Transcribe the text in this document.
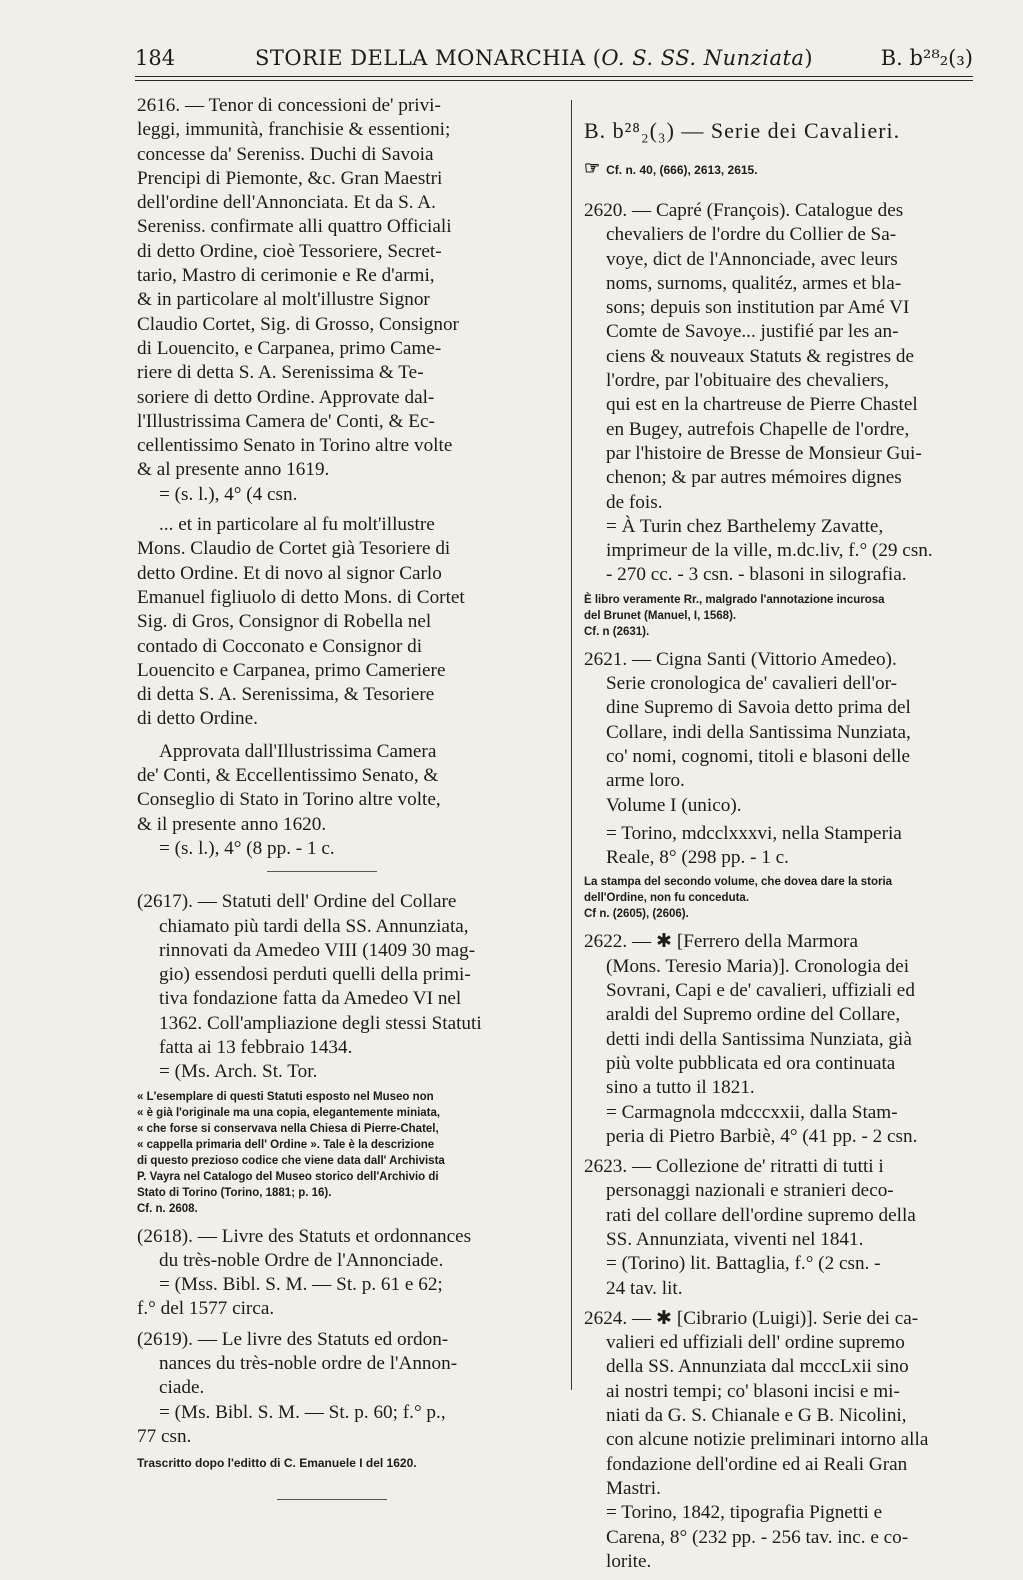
184	STORIE DELLA MONARCHIA (O. S. SS. Nunziata)	B. b²⁸₂(₃)
2616. — Tenor di concessioni de' privi-
leggi, immunità, franchisie & essentioni;
concesse da' Sereniss. Duchi di Savoia
Prencipi di Piemonte, &c. Gran Maestri
dell'ordine dell'Annonciata. Et da S. A.
Sereniss. confirmate alli quattro Officiali
di detto Ordine, cioè Tessoriere, Secret-
tario, Mastro di cerimonie e Re d'armi,
& in particolare al molt'illustre Signor
Claudio Cortet, Sig. di Grosso, Consignor
di Louencito, e Carpanea, primo Came-
riere di detta S. A. Serenissima & Te-
soriere di detto Ordine. Approvate dal-
l'Illustrissima Camera de' Conti, & Ec-
cellentissimo Senato in Torino altre volte
& al presente anno 1619.
= (s. l.), 4° (4 csn.
... et in particolare al fu molt'illustre
Mons. Claudio de Cortet già Tesoriere di
detto Ordine. Et di novo al signor Carlo
Emanuel figliuolo di detto Mons. di Cortet
Sig. di Gros, Consignor di Robella nel
contado di Cocconato e Consignor di
Louencito e Carpanea, primo Cameriere
di detta S. A. Serenissima, & Tesoriere
di detto Ordine.
Approvata dall'Illustrissima Camera
de' Conti, & Eccellentissimo Senato, &
Conseglio di Stato in Torino altre volte,
& il presente anno 1620.
= (s. l.), 4° (8 pp. - 1 c.
(2617). — Statuti dell' Ordine del Collare
chiamato più tardi della SS. Annunziata,
rinnovati da Amedeo VIII (1409 30 mag-
gio) essendosi perduti quelli della primi-
tiva fondazione fatta da Amedeo VI nel
1362. Coll'ampliazione degli stessi Statuti
fatta ai 13 febbraio 1434.
= (Ms. Arch. St. Tor.
« L'esemplare di questi Statuti esposto nel Museo non
« è già l'originale ma una copia, elegantemente miniata,
« che forse si conservava nella Chiesa di Pierre-Chatel,
« cappella primaria dell' Ordine ». Tale è la descrizione
di questo prezioso codice che viene data dall' Archivista
P. Vayra nel Catalogo del Museo storico dell'Archivio di
Stato di Torino (Torino, 1881; p. 16).
Cf. n. 2608.
(2618). — Livre des Statuts et ordonnances
du très-noble Ordre de l'Annonciade.
= (Mss. Bibl. S. M. — St. p. 61 e 62;
f.° del 1577 circa.
(2619). — Le livre des Statuts ed ordon-
nances du très-noble ordre de l'Annon-
ciade.
= (Ms. Bibl. S. M. — St. p. 60; f.° p.,
77 csn.
Trascritto dopo l'editto di C. Emanuele I del 1620.
B. b²⁸₂(₃) — Serie dei Cavalieri.
☞ Cf. n. 40, (666), 2613, 2615.
2620. — Capré (François). Catalogue des
chevaliers de l'ordre du Collier de Sa-
voye, dict de l'Annonciade, avec leurs
noms, surnoms, qualitéz, armes et bla-
sons; depuis son institution par Amé VI
Comte de Savoye... justifié par les an-
ciens & nouveaux Statuts & registres de
l'ordre, par l'obituaire des chevaliers,
qui est en la chartreuse de Pierre Chastel
en Bugey, autrefois Chapelle de l'ordre,
par l'histoire de Bresse de Monsieur Gui-
chenon; & par autres mémoires dignes
de fois.
= À Turin chez Barthelemy Zavatte,
imprimeur de la ville, m.dc.liv, f.° (29 csn.
- 270 cc. - 3 csn. - blasoni in silografia.
È libro veramente Rr., malgrado l'annotazione incurosa
del Brunet (Manuel, I, 1568).
Cf. n (2631).
2621. — Cigna Santi (Vittorio Amedeo).
Serie cronologica de' cavalieri dell'or-
dine Supremo di Savoia detto prima del
Collare, indi della Santissima Nunziata,
co' nomi, cognomi, titoli e blasoni delle
arme loro.
Volume I (unico).
= Torino, mdcclxxxvi, nella Stamperia
Reale, 8° (298 pp. - 1 c.
La stampa del secondo volume, che dovea dare la storia
dell'Ordine, non fu conceduta.
Cf n. (2605), (2606).
2622. — ✱ [Ferrero della Marmora
(Mons. Teresio Maria)]. Cronologia dei
Sovrani, Capi e de' cavalieri, uffiziali ed
araldi del Supremo ordine del Collare,
detti indi della Santissima Nunziata, già
più volte pubblicata ed ora continuata
sino a tutto il 1821.
= Carmagnola mdcccxxii, dalla Stam-
peria di Pietro Barbiè, 4° (41 pp. - 2 csn.
2623. — Collezione de' ritratti di tutti i
personaggi nazionali e stranieri deco-
rati del collare dell'ordine supremo della
SS. Annunziata, viventi nel 1841.
= (Torino) lit. Battaglia, f.° (2 csn. -
24 tav. lit.
2624. — ✱ [Cibrario (Luigi)]. Serie dei ca-
valieri ed uffiziali dell' ordine supremo
della SS. Annunziata dal mcccLxii sino
ai nostri tempi; co' blasoni incisi e mi-
niati da G. S. Chianale e G B. Nicolini,
con alcune notizie preliminari intorno alla
fondazione dell'ordine ed ai Reali Gran
Mastri.
= Torino, 1842, tipografia Pignetti e
Carena, 8° (232 pp. - 256 tav. inc. e co-
lorite.
